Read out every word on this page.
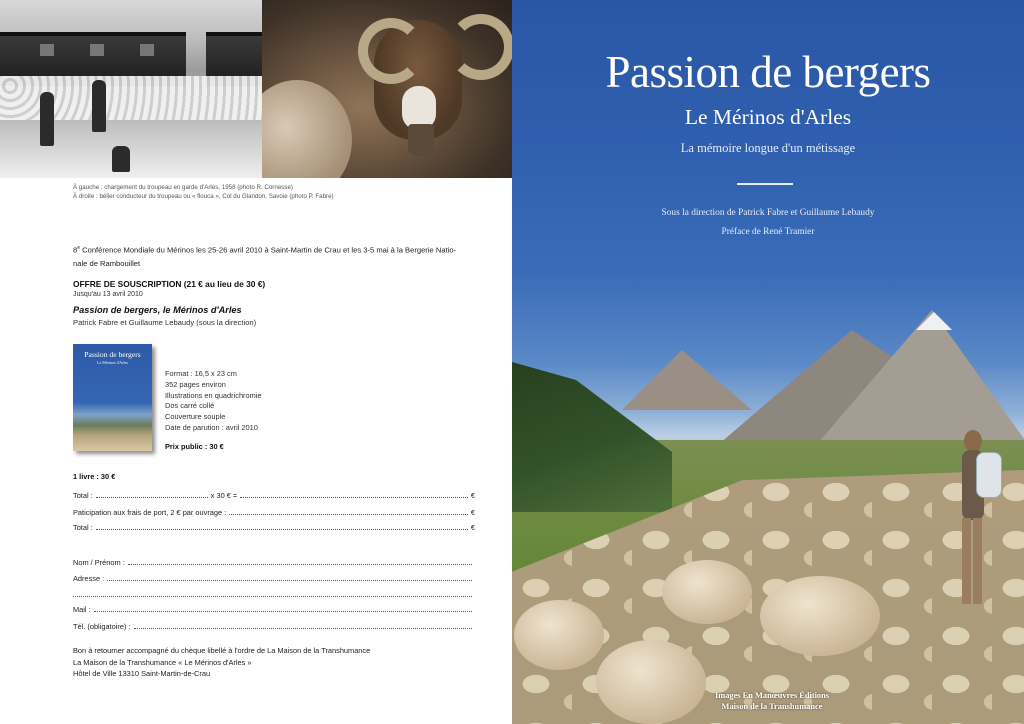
À gauche : chargement du troupeau en garde d'Arles, 1958 (photo R. Cornesse)
À droite : bélier conducteur du troupeau ou « flouca », Col du Glandon, Savoie (photo P. Fabre)
8e Conférence Mondiale du Mérinos les 25-26 avril 2010 à Saint-Martin de Crau et les 3-5 mai à la Bergerie Natio-
nale de Rambouillet
OFFRE DE SOUSCRIPTION (21 € au lieu de 30 €)
Jusqu'au 13 avril 2010
Passion de bergers, le Mérinos d'Arles
Patrick Fabre et Guillaume Lebaudy (sous la direction)
Passion de bergers
Le Mérinos d'Arles
Format : 16,5 x 23 cm
352 pages environ
Illustrations en quadrichromie
Dos carré collé
Couverture souple
Date de parution : avril 2010
Prix public : 30 €
1 livre : 30 €
Total :	x 30 € =	€
Paticipation aux frais de port, 2 € par ouvrage :	€
Total :	€
Nom / Prénom :
Adresse :
Mail :
Tél. (obligatoire) :
Bon à retourner accompagné du chèque libellé à l'ordre de La Maison de la Transhumance
La Maison de la Transhumance « Le Mérinos d'Arles »
Hôtel de Ville 13310 Saint-Martin-de-Crau
Passion de bergers
Le Mérinos d'Arles
La mémoire longue d'un métissage
Sous la direction de Patrick Fabre et Guillaume Lebaudy
Préface de René Tramier
Images En Manœuvres Éditions
Maison de la Transhumance
